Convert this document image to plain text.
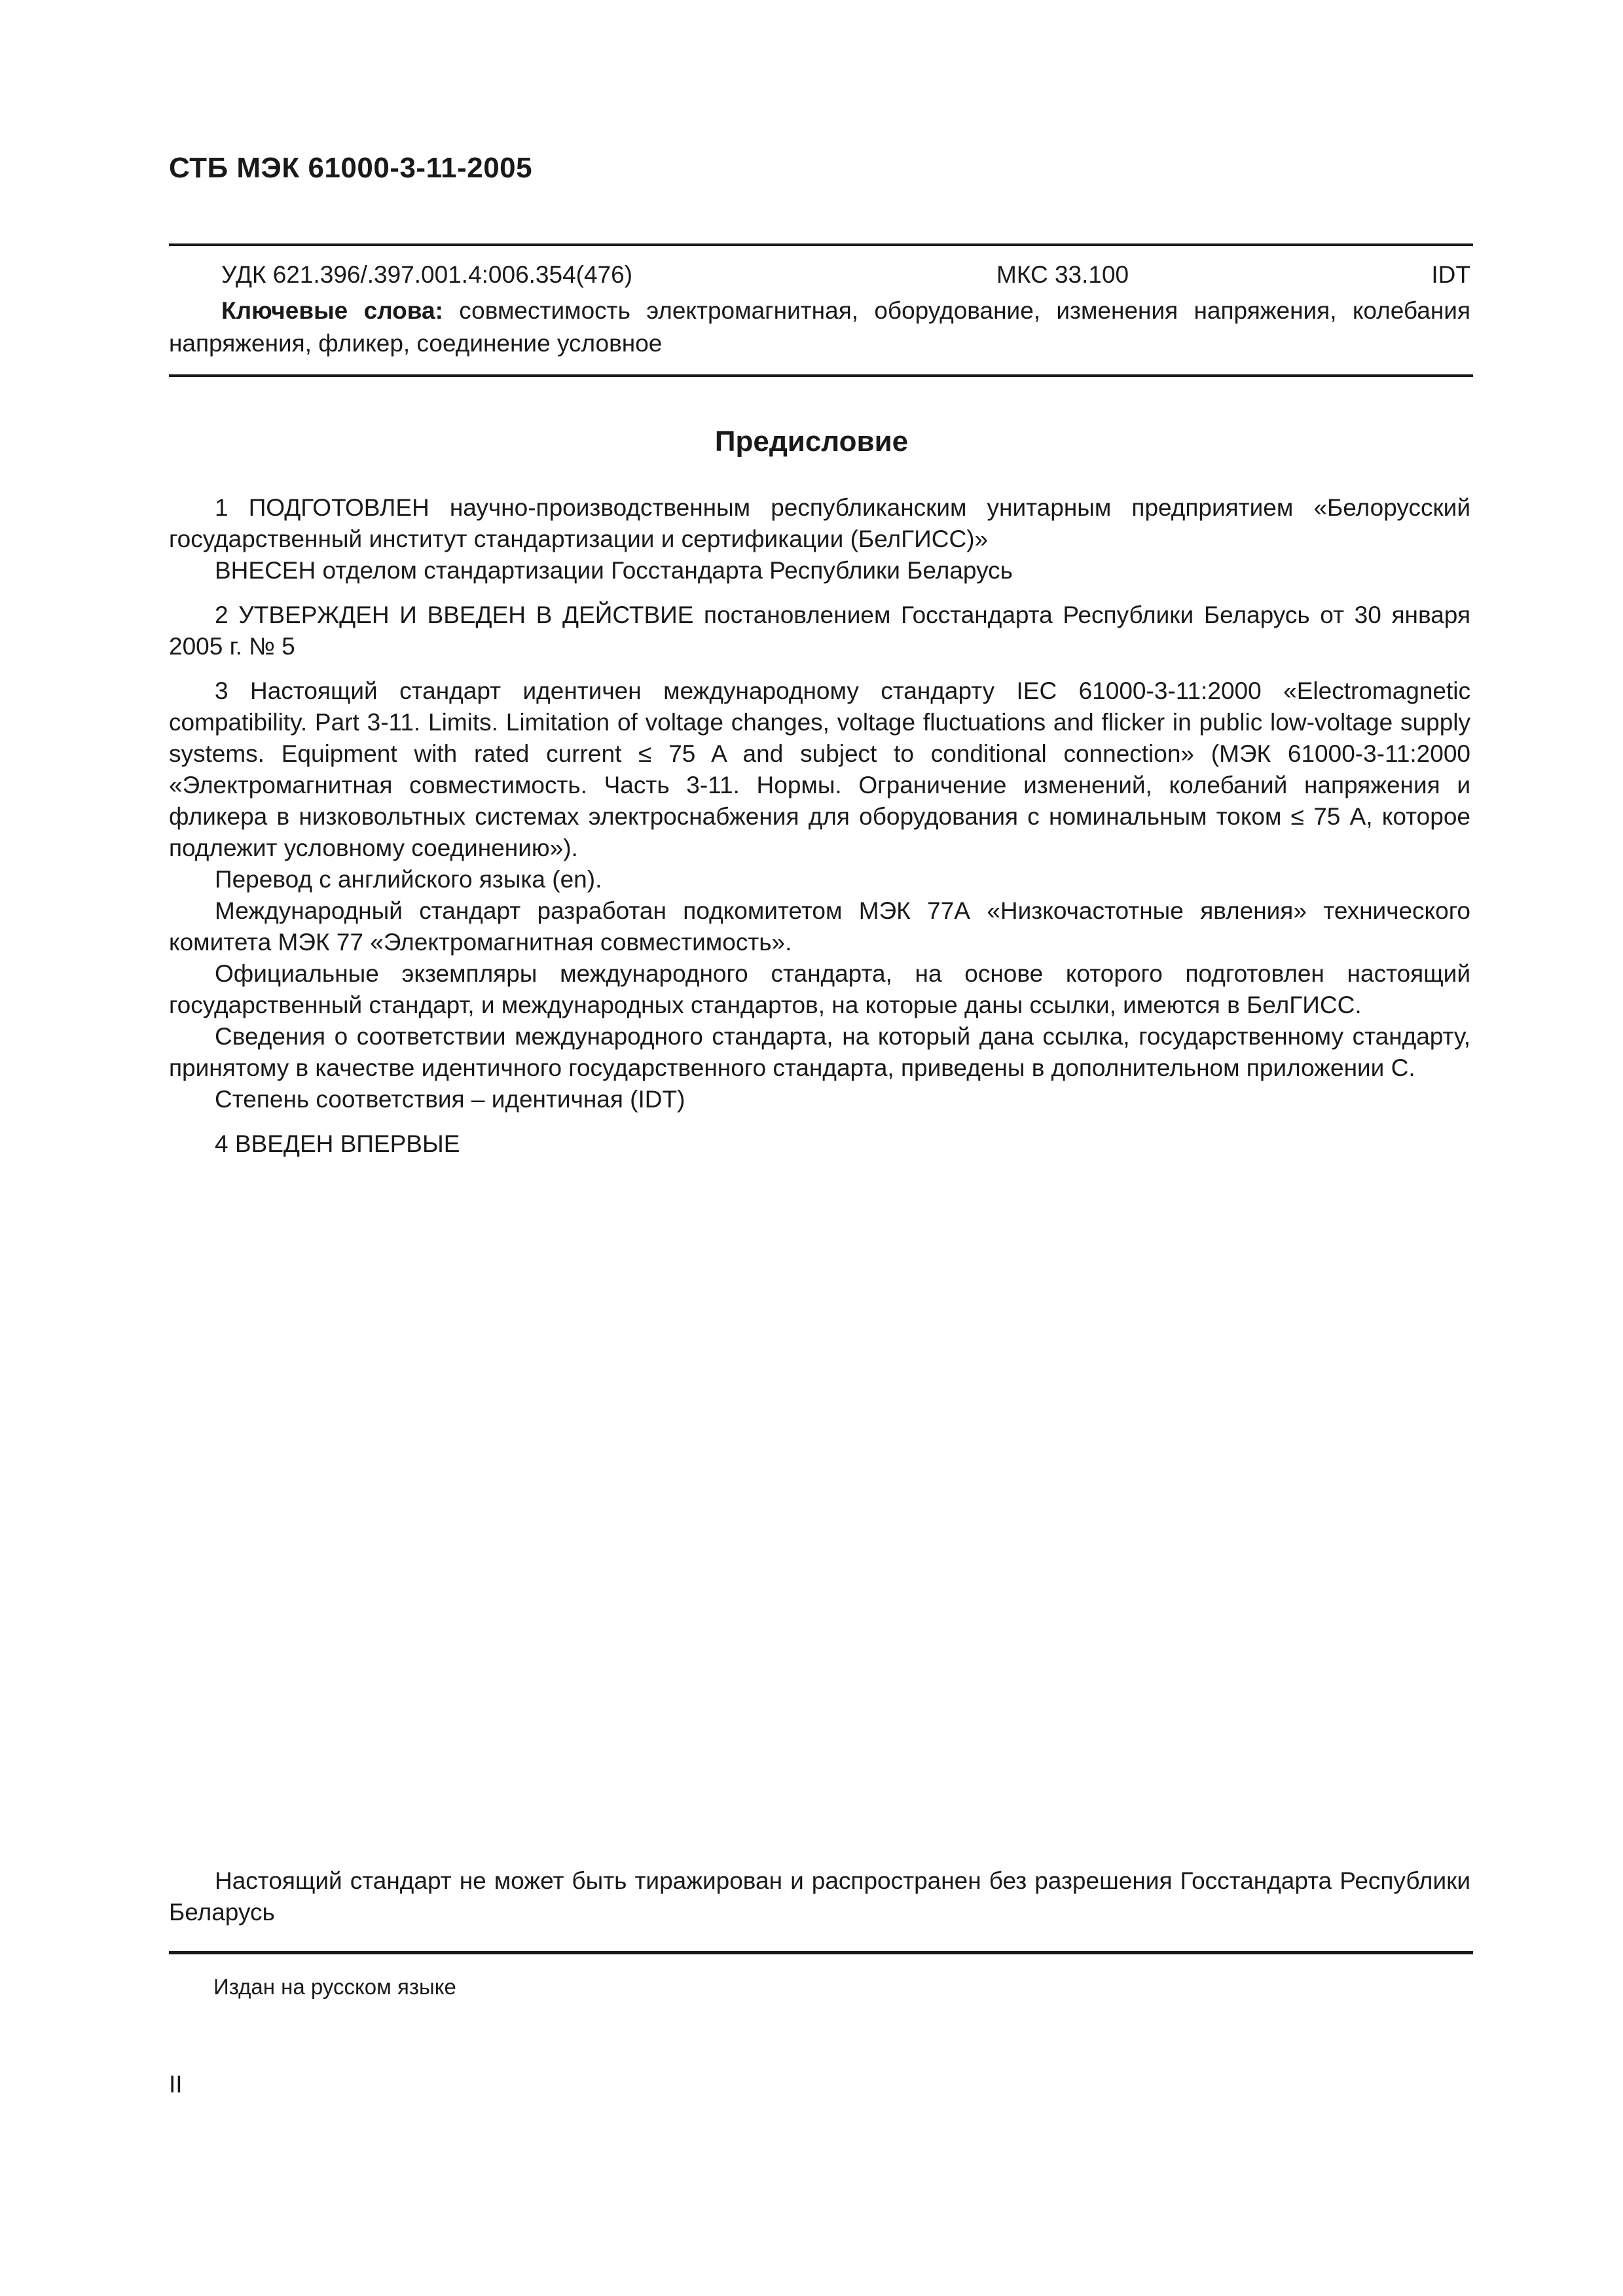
СТБ МЭК 61000-3-11-2005
УДК 621.396/.397.001.4:006.354(476)	МКС 33.100	IDT
Ключевые слова: совместимость электромагнитная, оборудование, изменения напряжения, колебания напряжения, фликер, соединение условное
Предисловие

1 ПОДГОТОВЛЕН научно-производственным республиканским унитарным предприятием «Белорусский государственный институт стандартизации и сертификации (БелГИСС)»

ВНЕСЕН отделом стандартизации Госстандарта Республики Беларусь

2 УТВЕРЖДЕН И ВВЕДЕН В ДЕЙСТВИЕ постановлением Госстандарта Республики Беларусь от 30 января 2005 г. № 5

3 Настоящий стандарт идентичен международному стандарту IEC 61000-3-11:2000 «Electromagnetic compatibility. Part 3-11. Limits. Limitation of voltage changes, voltage fluctuations and flicker in public low-voltage supply systems. Equipment with rated current ≤ 75 A and subject to conditional connection» (МЭК 61000-3-11:2000 «Электромагнитная совместимость. Часть 3-11. Нормы. Ограничение изменений, колебаний напряжения и фликера в низковольтных системах электроснабжения для оборудования с номинальным током ≤ 75 А, которое подлежит условному соединению»).

Перевод с английского языка (en).

Международный стандарт разработан подкомитетом МЭК 77А «Низкочастотные явления» технического комитета МЭК 77 «Электромагнитная совместимость».

Официальные экземпляры международного стандарта, на основе которого подготовлен настоящий государственный стандарт, и международных стандартов, на которые даны ссылки, имеются в БелГИСС.

Сведения о соответствии международного стандарта, на который дана ссылка, государственному стандарту, принятому в качестве идентичного государственного стандарта, приведены в дополнительном приложении С.

Степень соответствия – идентичная (IDT)

4 ВВЕДЕН ВПЕРВЫЕ

Настоящий стандарт не может быть тиражирован и распространен без разрешения Госстандарта Республики Беларусь
Издан на русском языке
II
